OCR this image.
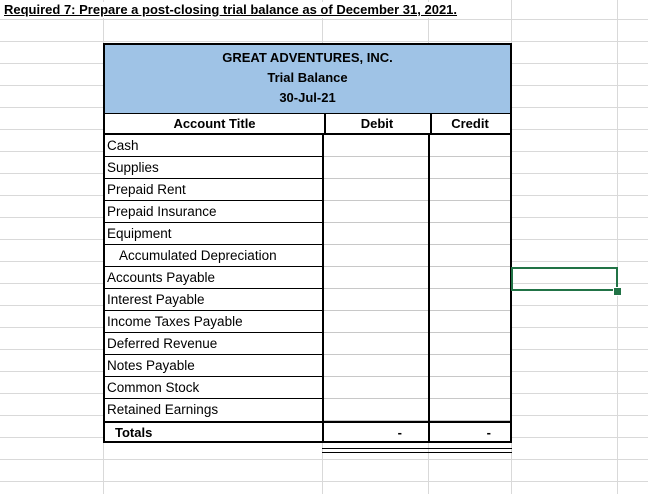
Required 7: Prepare a post-closing trial balance as of December 31, 2021.
GREAT ADVENTURES, INC.
Trial Balance
30-Jul-21
Account Title	Debit	Credit
Cash
Supplies
Prepaid Rent
Prepaid Insurance
Equipment
Accumulated Depreciation
Accounts Payable
Interest Payable
Income Taxes Payable
Deferred Revenue
Notes Payable
Common Stock
Retained Earnings
Totals	-	-
